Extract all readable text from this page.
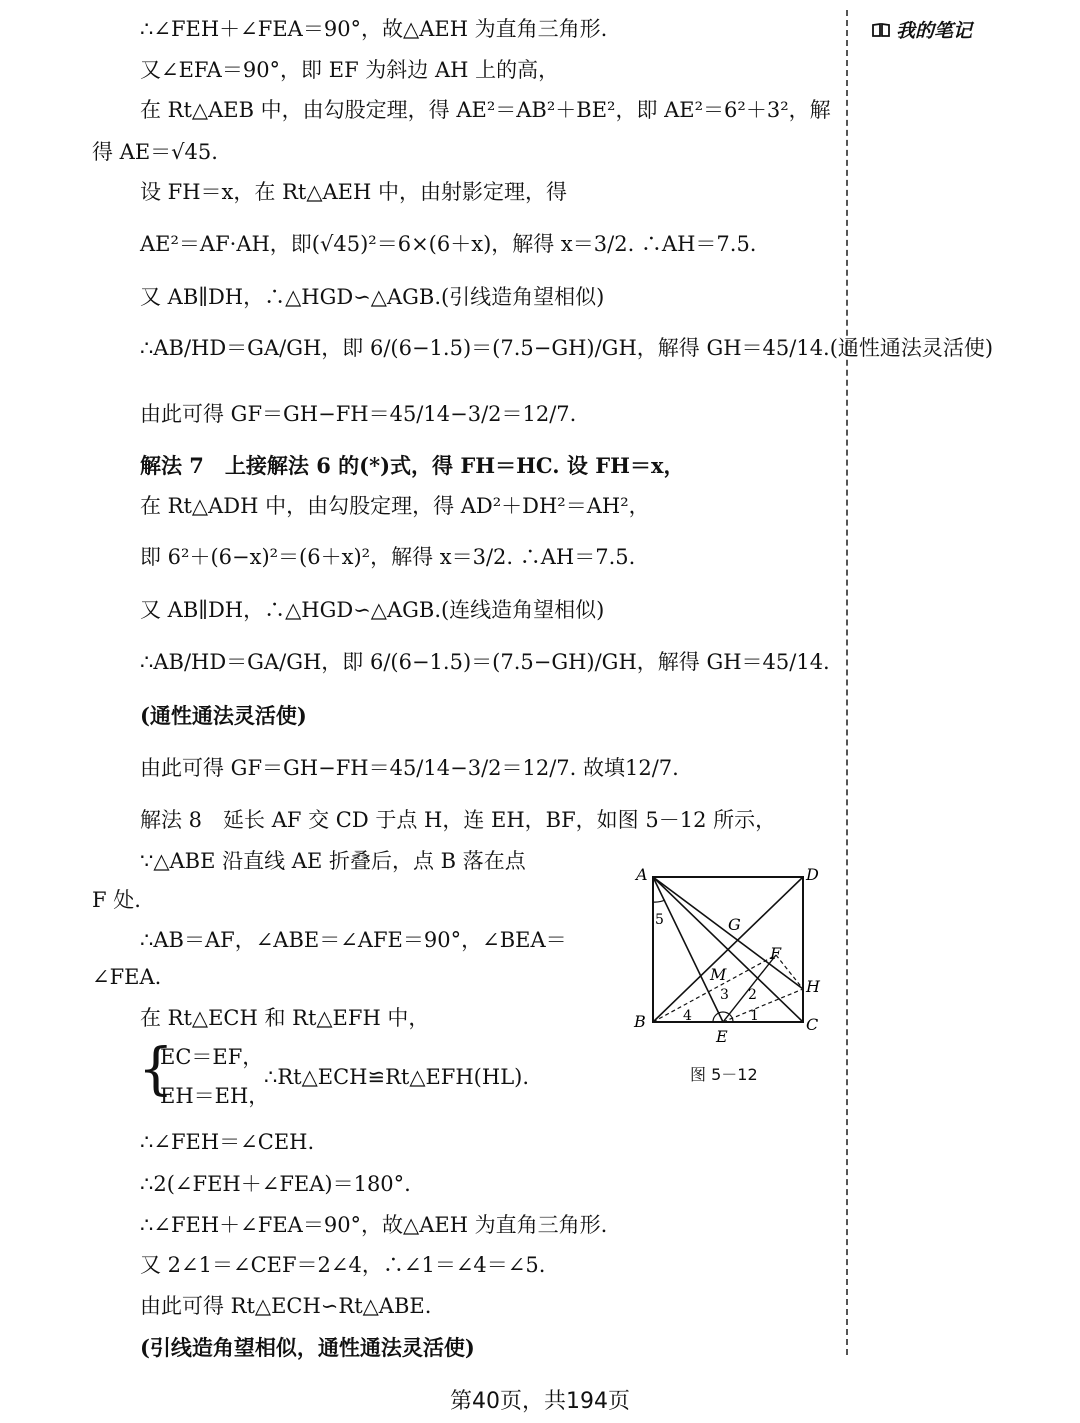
我的笔记
∴∠FEH＋∠FEA＝90°，故△AEH 为直角三角形.
又∠EFA＝90°，即 EF 为斜边 AH 上的高，
在 Rt△AEB 中，由勾股定理，得 AE²＝AB²＋BE²，即 AE²＝6²＋3²，解
得 AE＝√45.
设 FH＝x，在 Rt△AEH 中，由射影定理，得
AE²＝AF·AH，即(√45)²＝6×(6＋x)，解得 x＝3/2. ∴AH＝7.5.
又 AB∥DH，∴△HGD∽△AGB.(引线造角望相似)
∴AB/HD＝GA/GH，即 6/(6−1.5)＝(7.5−GH)/GH，解得 GH＝45/14.(通性通法灵活使)
由此可得 GF＝GH−FH＝45/14−3/2＝12/7.
解法 7　上接解法 6 的(*)式，得 FH＝HC. 设 FH＝x，
在 Rt△ADH 中，由勾股定理，得 AD²＋DH²＝AH²，
即 6²＋(6−x)²＝(6＋x)²，解得 x＝3/2. ∴AH＝7.5.
又 AB∥DH，∴△HGD∽△AGB.(连线造角望相似)
∴AB/HD＝GA/GH，即 6/(6−1.5)＝(7.5−GH)/GH，解得 GH＝45/14.
(通性通法灵活使)
由此可得 GF＝GH−FH＝45/14−3/2＝12/7. 故填12/7.
解法 8　延长 AF 交 CD 于点 H，连 EH，BF，如图 5－12 所示，
∵△ABE 沿直线 AE 折叠后，点 B 落在点
F 处.
∴AB＝AF，∠ABE＝∠AFE＝90°，∠BEA＝
∠FEA.
在 Rt△ECH 和 Rt△EFH 中，
{
EC＝EF，
EH＝EH，
∴Rt△ECH≌Rt△EFH(HL).
∴∠FEH＝∠CEH.
∴2(∠FEH＋∠FEA)＝180°.
∴∠FEH＋∠FEA＝90°，故△AEH 为直角三角形.
又 2∠1＝∠CEF＝2∠4，∴∠1＝∠4＝∠5.
由此可得 Rt△ECH∽Rt△ABE.
(引线造角望相似，通性通法灵活使)
A	D
G
F
M
H
B
E
C
5
3 2
4	1
图 5－12
第40页，共194页
